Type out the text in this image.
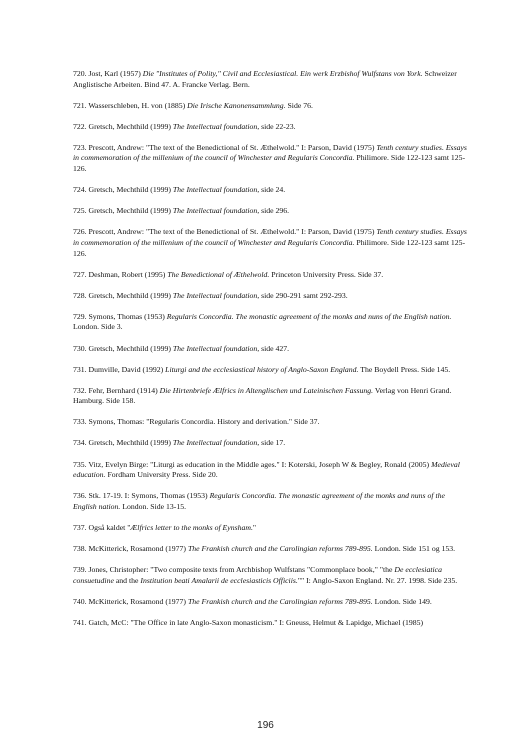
720. Jost, Karl (1957) Die "Institutes of Polity," Civil and Ecclesiastical. Ein werk Erzbishof Wulfstans von York. Schweizer Anglistische Arbeiten. Bind 47. A. Francke Verlag. Bern.

721. Wasserschleben, H. von (1885) Die Irische Kanonensammlung. Side 76.

722. Gretsch, Mechthild (1999) The Intellectual foundation, side 22-23.

723. Prescott, Andrew: "The text of the Benedictional of St. Æthelwold." I: Parson, David (1975) Tenth century studies. Essays in commemoration of the millenium of the council of Winchester and Regularis Concordia. Philimore. Side 122-123 samt 125-126.

724. Gretsch, Mechthild (1999) The Intellectual foundation, side 24.

725. Gretsch, Mechthild (1999) The Intellectual foundation, side 296.

726. Prescott, Andrew: "The text of the Benedictional of St. Æthelwold." I: Parson, David (1975) Tenth century studies. Essays in commemoration of the millenium of the council of Winchester and Regularis Concordia. Philimore. Side 122-123 samt 125-126.

727. Deshman, Robert (1995) The Benedictional of Æthelwold. Princeton University Press. Side 37.

728. Gretsch, Mechthild (1999) The Intellectual foundation, side 290-291 samt 292-293.

729. Symons, Thomas (1953) Regularis Concordia. The monastic agreement of the monks and nuns of the English nation. London. Side 3.

730. Gretsch, Mechthild (1999) The Intellectual foundation, side 427.

731. Dumville, David (1992) Liturgi and the ecclesiastical history of Anglo-Saxon England. The Boydell Press. Side 145.

732. Fehr, Bernhard (1914) Die Hirtenbriefe Ælfrics in Altenglischen und Lateinischen Fassung. Verlag von Henri Grand. Hamburg. Side 158.

733. Symons, Thomas: "Regularis Concordia. History and derivation." Side 37.

734. Gretsch, Mechthild (1999) The Intellectual foundation, side 17.

735. Vitz, Evelyn Birge: "Liturgi as education in the Middle ages." I: Koterski, Joseph W & Begley, Ronald (2005) Medieval education. Fordham University Press. Side 20.

736. Stk. 17-19. I: Symons, Thomas (1953) Regularis Concordia. The monastic agreement of the monks and nuns of the English nation. London. Side 13-15.

737. Også kaldet "Ælfrics letter to the monks of Eynsham."

738. McKitterick, Rosamond (1977) The Frankish church and the Carolingian reforms 789-895. London. Side 151 og 153.

739. Jones, Christopher: "Two composite texts from Archbishop Wulfstans "Commonplace book," "the De ecclesiatica consuetudine and the Institution beati Amalarii de ecclesiasticis Officiis."" I: Anglo-Saxon England. Nr. 27. 1998. Side 235.

740. McKitterick, Rosamond (1977) The Frankish church and the Carolingian reforms 789-895. London. Side 149.

741. Gatch, McC: "The Office in late Anglo-Saxon monasticism." I: Gneuss, Helmut & Lapidge, Michael (1985)

196
